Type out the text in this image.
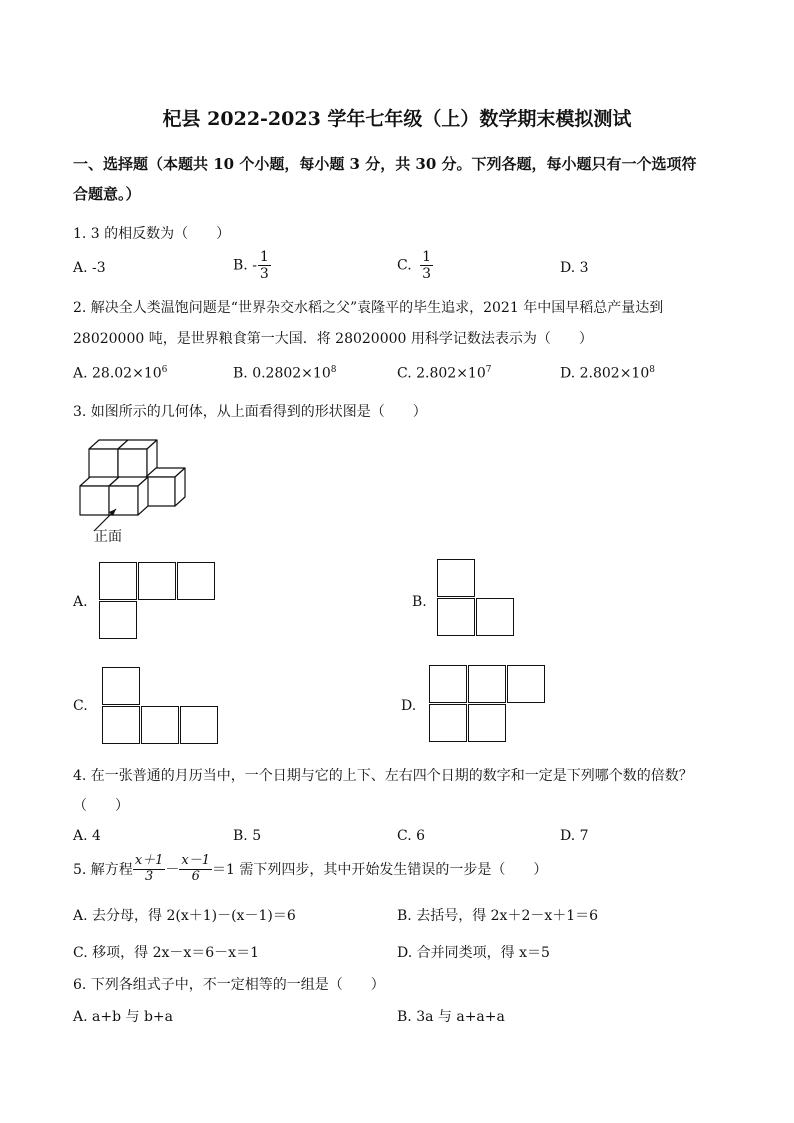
杞县 2022-2023 学年七年级（上）数学期末模拟测试
一、选择题（本题共 10 个小题，每小题 3 分，共 30 分。下列各题，每小题只有一个选项符
合题意。）
1. 3 的相反数为（　　）
A. -3	B. - $\frac{1}{3}$	C. $\frac{1}{3}$	D. 3
2. 解决全人类温饱问题是“世界杂交水稻之父”袁隆平的毕生追求，2021 年中国早稻总产量达到
28020000 吨，是世界粮食第一大国．将 28020000 用科学记数法表示为（　　）
A. $28.02\times 10^6$	B. $0.2802\times 10^8$	C. $2.802\times 10^7$	D. $2.802\times 10^8$
3. 如图所示的几何体，从上面看得到的形状图是（　　）
正面
A.	B.
C.	D.
4. 在一张普通的月历当中，一个日期与它的上下、左右四个日期的数字和一定是下列哪个数的倍数？
（　　）
A. 4	B. 5	C. 6	D. 7
5. 解方程 $\frac{x+1}{3} - \frac{x-1}{6} =1$ 需下列四步，其中开始发生错误的一步是（　　）
A. 去分母，得 2(x＋1)－(x－1)＝6	B. 去括号，得 2x＋2－x＋1＝6
C. 移项，得 2x－x＝6－x＝1	D. 合并同类项，得 x＝5
6. 下列各组式子中，不一定相等的一组是（　　）
A. a+b 与 b+a	B. 3a 与 a+a+a
